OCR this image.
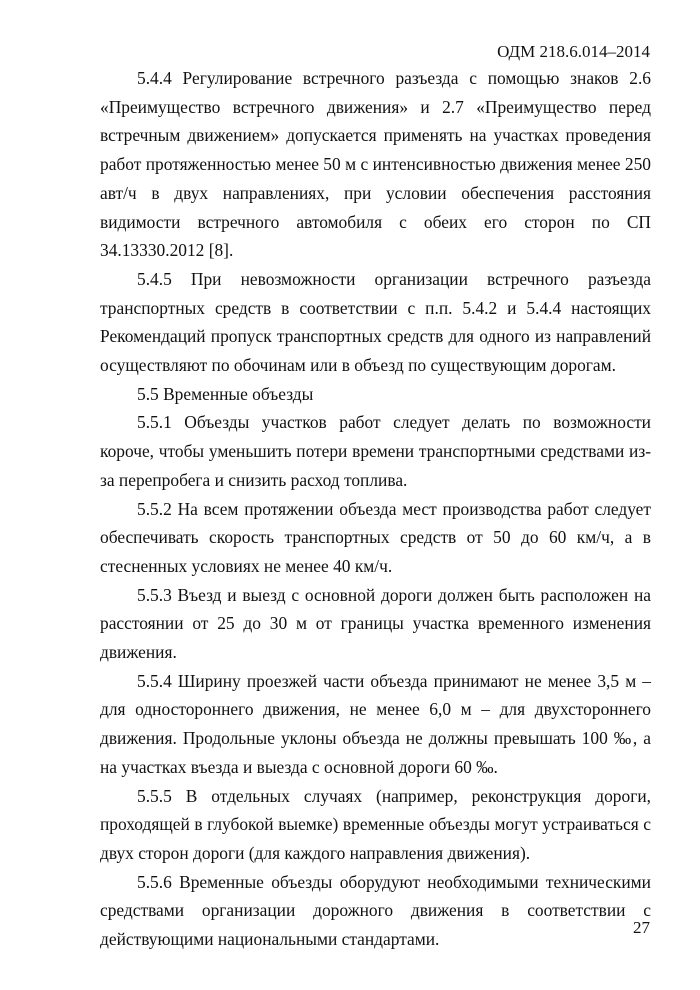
ОДМ 218.6.014–2014

5.4.4 Регулирование встречного разъезда с помощью знаков 2.6 «Преимущество встречного движения» и 2.7 «Преимущество перед встречным движением» допускается применять на участках проведения работ протяженностью менее 50 м с интенсивностью движения менее 250 авт/ч в двух направлениях, при условии обеспечения расстояния видимости встречного автомобиля с обеих его сторон по СП 34.13330.2012 [8].

5.4.5 При невозможности организации встречного разъезда транспортных средств в соответствии с п.п. 5.4.2 и 5.4.4 настоящих Рекомендаций пропуск транспортных средств для одного из направлений осуществляют по обочинам или в объезд по существующим дорогам.

5.5 Временные объезды

5.5.1 Объезды участков работ следует делать по возможности короче, чтобы уменьшить потери времени транспортными средствами из-за перепробега и снизить расход топлива.

5.5.2 На всем протяжении объезда мест производства работ следует обеспечивать скорость транспортных средств от 50 до 60 км/ч, а в стесненных условиях не менее 40 км/ч.

5.5.3 Въезд и выезд с основной дороги должен быть расположен на расстоянии от 25 до 30 м от границы участка временного изменения движения.

5.5.4 Ширину проезжей части объезда принимают не менее 3,5 м – для одностороннего движения, не менее 6,0 м – для двухстороннего движения. Продольные уклоны объезда не должны превышать 100 ‰, а на участках въезда и выезда с основной дороги 60 ‰.

5.5.5 В отдельных случаях (например, реконструкция дороги, проходящей в глубокой выемке) временные объезды могут устраиваться с двух сторон дороги (для каждого направления движения).

5.5.6 Временные объезды оборудуют необходимыми техническими средствами организации дорожного движения в соответствии с действующими национальными стандартами.

27
